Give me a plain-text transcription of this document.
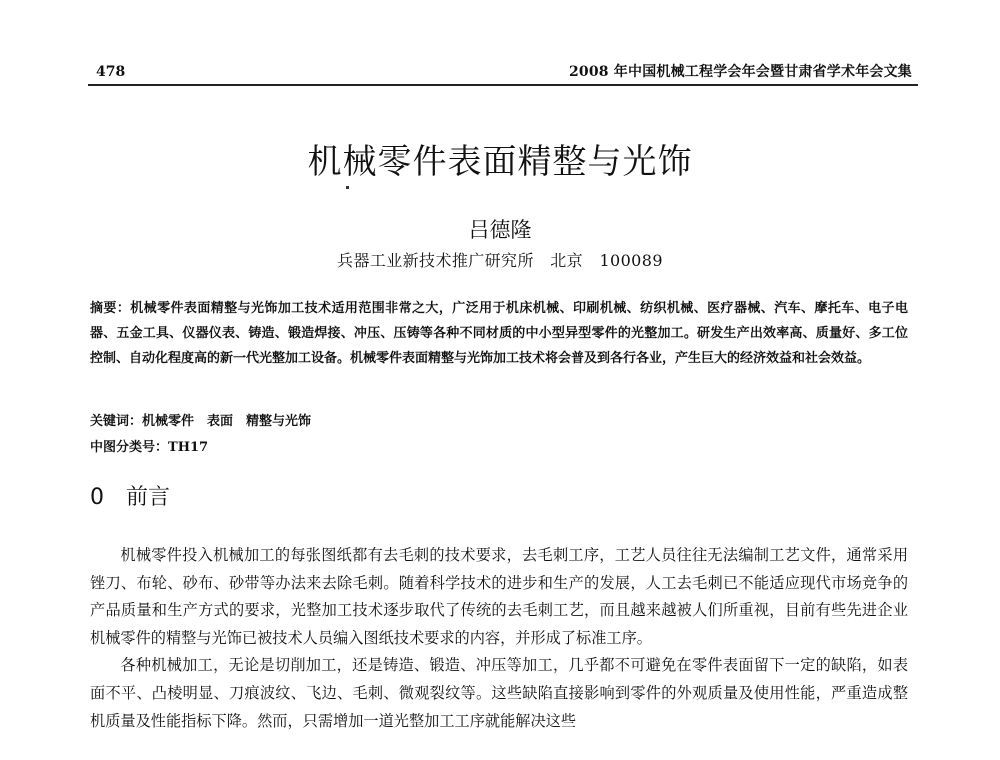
478	2008 年中国机械工程学会年会暨甘肃省学术年会文集
机械零件表面精整与光饰
吕德隆
兵器工业新技术推广研究所　北京　100089
摘要：机械零件表面精整与光饰加工技术适用范围非常之大，广泛用于机床机械、印刷机械、纺织机械、医疗器械、汽车、摩托车、电子电器、五金工具、仪器仪表、铸造、锻造焊接、冲压、压铸等各种不同材质的中小型异型零件的光整加工。研发生产出效率高、质量好、多工位控制、自动化程度高的新一代光整加工设备。机械零件表面精整与光饰加工技术将会普及到各行各业，产生巨大的经济效益和社会效益。
关键词：机械零件　表面　精整与光饰
中图分类号：TH17
0 前言

机械零件投入机械加工的每张图纸都有去毛刺的技术要求，去毛刺工序，工艺人员往往无法编制工艺文件，通常采用锉刀、布轮、砂布、砂带等办法来去除毛刺。随着科学技术的进步和生产的发展，人工去毛刺已不能适应现代市场竞争的产品质量和生产方式的要求，光整加工技术逐步取代了传统的去毛刺工艺，而且越来越被人们所重视，目前有些先进企业机械零件的精整与光饰已被技术人员编入图纸技术要求的内容，并形成了标准工序。

各种机械加工，无论是切削加工，还是铸造、锻造、冲压等加工，几乎都不可避免在零件表面留下一定的缺陷，如表面不平、凸棱明显、刀痕波纹、飞边、毛刺、微观裂纹等。这些缺陷直接影响到零件的外观质量及使用性能，严重造成整机质量及性能指标下降。然而，只需增加一道光整加工工序就能解决这些
